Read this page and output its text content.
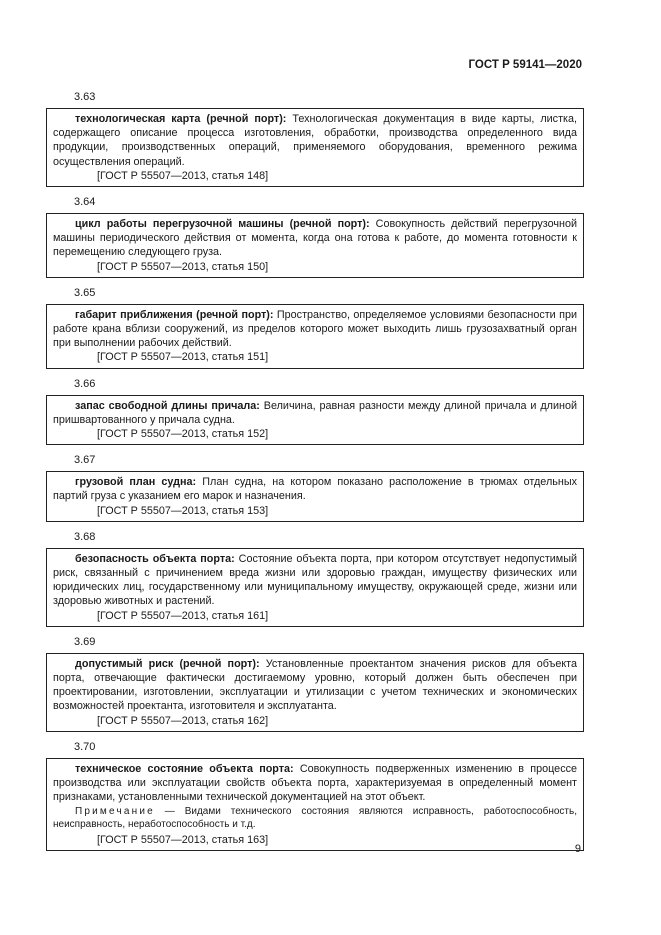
ГОСТ Р 59141—2020
3.63

технологическая карта (речной порт): Технологическая документация в виде карты, листка, содержащего описание процесса изготовления, обработки, производства определенного вида продукции, производственных операций, применяемого оборудования, временного режима осуществления операций.

[ГОСТ Р 55507—2013, статья 148]

3.64

цикл работы перегрузочной машины (речной порт): Совокупность действий перегрузочной машины периодического действия от момента, когда она готова к работе, до момента готовности к перемещению следующего груза.

[ГОСТ Р 55507—2013, статья 150]

3.65

габарит приближения (речной порт): Пространство, определяемое условиями безопасности при работе крана вблизи сооружений, из пределов которого может выходить лишь грузозахватный орган при выполнении рабочих действий.

[ГОСТ Р 55507—2013, статья 151]

3.66

запас свободной длины причала: Величина, равная разности между длиной причала и длиной пришвартованного у причала судна.

[ГОСТ Р 55507—2013, статья 152]

3.67

грузовой план судна: План судна, на котором показано расположение в трюмах отдельных партий груза с указанием его марок и назначения.

[ГОСТ Р 55507—2013, статья 153]

3.68

безопасность объекта порта: Состояние объекта порта, при котором отсутствует недопустимый риск, связанный с причинением вреда жизни или здоровью граждан, имуществу физических или юридических лиц, государственному или муниципальному имуществу, окружающей среде, жизни или здоровью животных и растений.

[ГОСТ Р 55507—2013, статья 161]

3.69

допустимый риск (речной порт): Установленные проектантом значения рисков для объекта порта, отвечающие фактически достигаемому уровню, который должен быть обеспечен при проектировании, изготовлении, эксплуатации и утилизации с учетом технических и экономических возможностей проектанта, изготовителя и эксплуатанта.

[ГОСТ Р 55507—2013, статья 162]

3.70

техническое состояние объекта порта: Совокупность подверженных изменению в процессе производства или эксплуатации свойств объекта порта, характеризуемая в определенный момент признаками, установленными технической документацией на этот объект.

Примечание — Видами технического состояния являются исправность, работоспособность, неисправность, неработоспособность и т.д.

[ГОСТ Р 55507—2013, статья 163]

9
